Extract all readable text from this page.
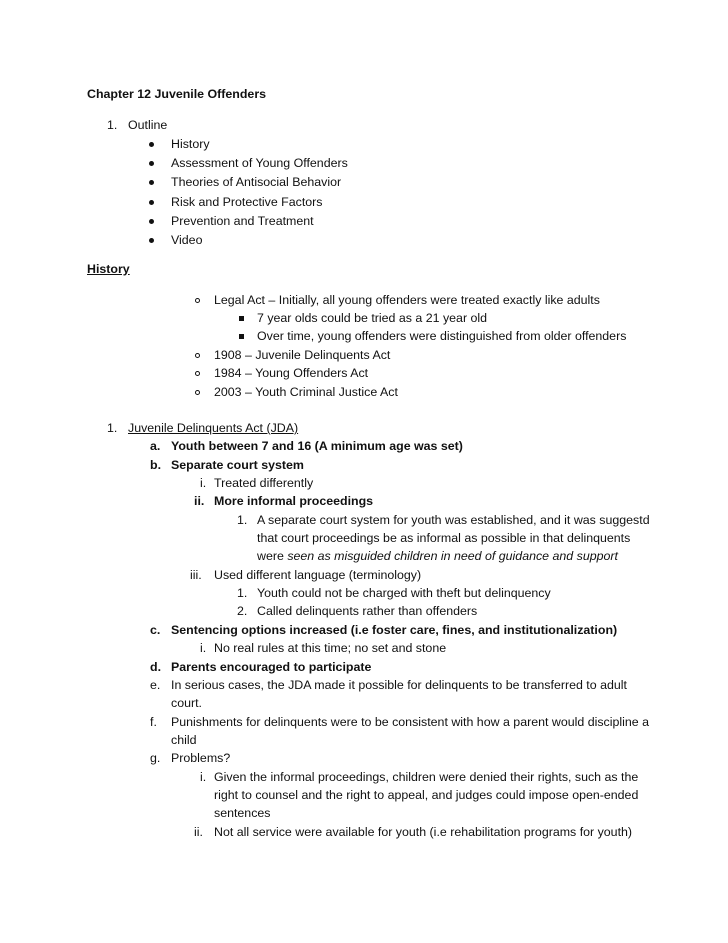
Chapter 12 Juvenile Offenders
1. Outline
History
Assessment of Young Offenders
Theories of Antisocial Behavior
Risk and Protective Factors
Prevention and Treatment
Video
History
Legal Act – Initially, all young offenders were treated exactly like adults
7 year olds could be tried as a 21 year old
Over time, young offenders were distinguished from older offenders
1908 – Juvenile Delinquents Act
1984 – Young Offenders Act
2003 – Youth Criminal Justice Act
1. Juvenile Delinquents Act (JDA)
a. Youth between 7 and 16 (A minimum age was set)
b. Separate court system
i. Treated differently
ii. More informal proceedings
1. A separate court system for youth was established, and it was suggestd
that court proceedings be as informal as possible in that delinquents
were seen as misguided children in need of guidance and support
iii. Used different language (terminology)
1. Youth could not be charged with theft but delinquency
2. Called delinquents rather than offenders
c. Sentencing options increased (i.e foster care, fines, and institutionalization)
i. No real rules at this time; no set and stone
d. Parents encouraged to participate
e. In serious cases, the JDA made it possible for delinquents to be transferred to adult
court.
f. Punishments for delinquents were to be consistent with how a parent would discipline a
child
g. Problems?
i. Given the informal proceedings, children were denied their rights, such as the
right to counsel and the right to appeal, and judges could impose open-ended
sentences
ii. Not all service were available for youth (i.e rehabilitation programs for youth)
